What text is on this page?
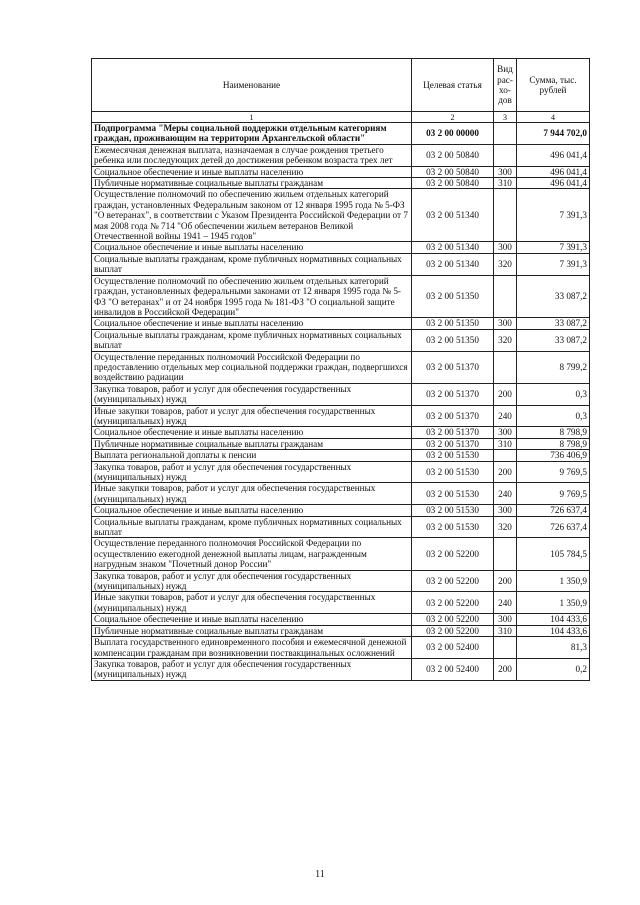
Наименование	Целевая статья	Вид рас-хо-дов	Сумма, тыс. рублей
1	2	3	4
Подпрограмма "Меры социальной поддержки отдельным категориям граждан, проживающим на территории Архангельской области"	03 2 00 00000		7 944 702,0
Ежемесячная денежная выплата, назначаемая в случае рождения третьего ребенка или последующих детей до достижения ребенком возраста трех лет	03 2 00 50840		496 041,4
Социальное обеспечение и иные выплаты населению	03 2 00 50840	300	496 041,4
Публичные нормативные социальные выплаты гражданам	03 2 00 50840	310	496 041,4
Осуществление полномочий по обеспечению жильем отдельных категорий граждан, установленных Федеральным законом от 12 января 1995 года № 5-ФЗ "О ветеранах", в соответствии с Указом Президента Российской Федерации от 7 мая 2008 года № 714 "Об обеспечении жильем ветеранов Великой Отечественной войны 1941 – 1945 годов"	03 2 00 51340		7 391,3
Социальное обеспечение и иные выплаты населению	03 2 00 51340	300	7 391,3
Социальные выплаты гражданам, кроме публичных нормативных социальных выплат	03 2 00 51340	320	7 391,3
Осуществление полномочий по обеспечению жильем отдельных категорий граждан, установленных федеральными законами от 12 января 1995 года № 5-ФЗ "О ветеранах" и от 24 ноября 1995 года № 181-ФЗ "О социальной защите инвалидов в Российской Федерации"	03 2 00 51350		33 087,2
Социальное обеспечение и иные выплаты населению	03 2 00 51350	300	33 087,2
Социальные выплаты гражданам, кроме публичных нормативных социальных выплат	03 2 00 51350	320	33 087,2
Осуществление переданных полномочий Российской Федерации по предоставлению отдельных мер социальной поддержки граждан, подвергшихся воздействию радиации	03 2 00 51370		8 799,2
Закупка товаров, работ и услуг для обеспечения государственных (муниципальных) нужд	03 2 00 51370	200	0,3
Иные закупки товаров, работ и услуг для обеспечения государственных (муниципальных) нужд	03 2 00 51370	240	0,3
Социальное обеспечение и иные выплаты населению	03 2 00 51370	300	8 798,9
Публичные нормативные социальные выплаты гражданам	03 2 00 51370	310	8 798,9
Выплата региональной доплаты к пенсии	03 2 00 51530		736 406,9
Закупка товаров, работ и услуг для обеспечения государственных (муниципальных) нужд	03 2 00 51530	200	9 769,5
Иные закупки товаров, работ и услуг для обеспечения государственных (муниципальных) нужд	03 2 00 51530	240	9 769,5
Социальное обеспечение и иные выплаты населению	03 2 00 51530	300	726 637,4
Социальные выплаты гражданам, кроме публичных нормативных социальных выплат	03 2 00 51530	320	726 637,4
Осуществление переданного полномочия Российской Федерации по осуществлению ежегодной денежной выплаты лицам, награжденным нагрудным знаком "Почетный донор России"	03 2 00 52200		105 784,5
Закупка товаров, работ и услуг для обеспечения государственных (муниципальных) нужд	03 2 00 52200	200	1 350,9
Иные закупки товаров, работ и услуг для обеспечения государственных (муниципальных) нужд	03 2 00 52200	240	1 350,9
Социальное обеспечение и иные выплаты населению	03 2 00 52200	300	104 433,6
Публичные нормативные социальные выплаты гражданам	03 2 00 52200	310	104 433,6
Выплата государственного единовременного пособия и ежемесячной денежной компенсации гражданам при возникновении поствакцинальных осложнений	03 2 00 52400		81,3
Закупка товаров, работ и услуг для обеспечения государственных (муниципальных) нужд	03 2 00 52400	200	0,2
11
